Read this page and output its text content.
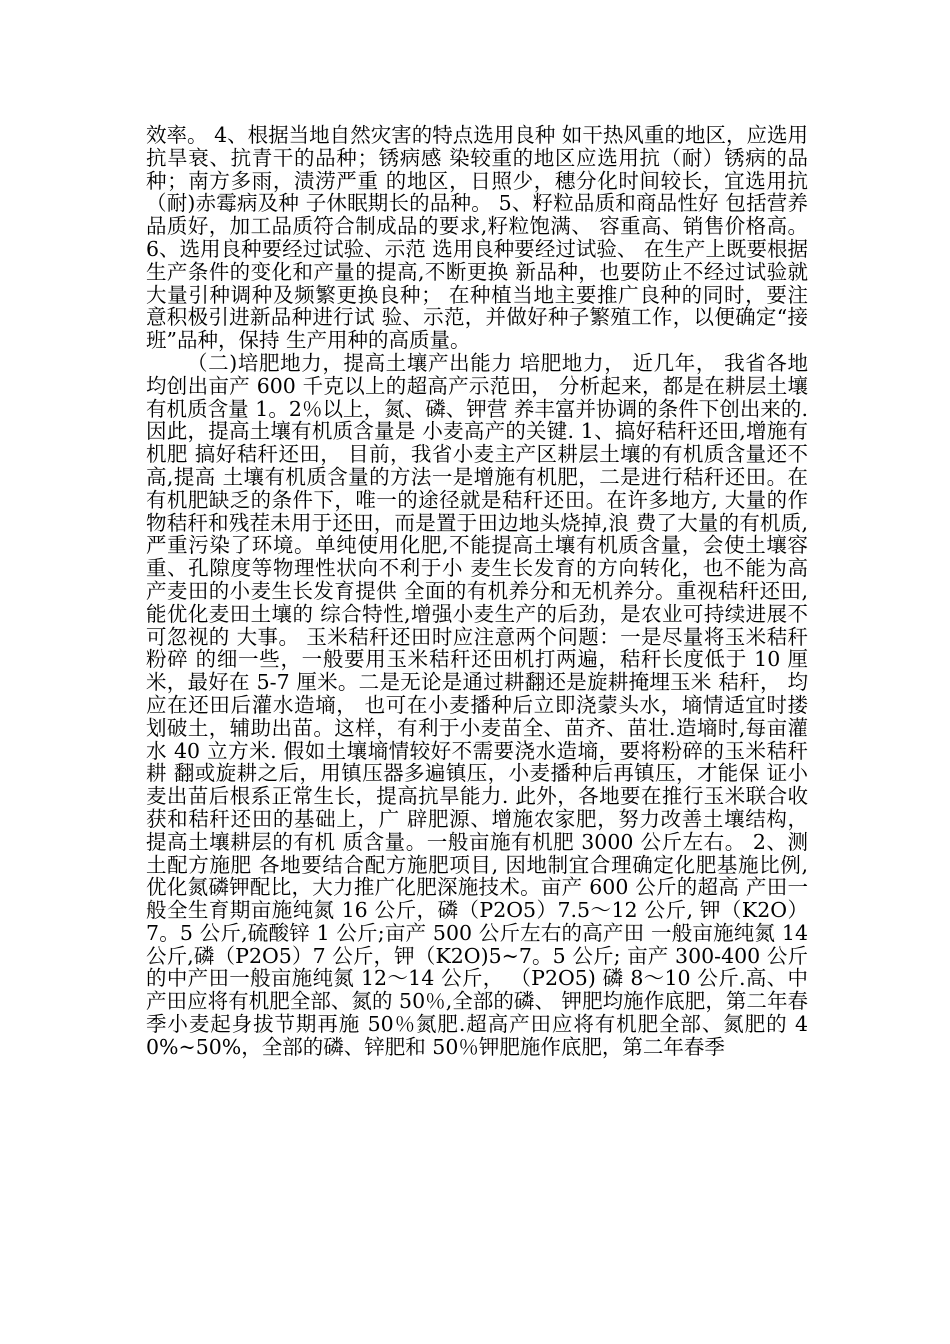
效率。 4、根据当地自然灾害的特点选用良种 如干热风重的地区，应选用抗旱衰、抗青干的品种；锈病感 染较重的地区应选用抗（耐）锈病的品种；南方多雨，渍涝严重 的地区，日照少，穗分化时间较长，宜选用抗（耐)赤霉病及种 子休眠期长的品种。 5、籽粒品质和商品性好 包括营养品质好，加工品质符合制成品的要求,籽粒饱满、 容重高、销售价格高。 6、选用良种要经过试验、示范 选用良种要经过试验、 在生产上既要根据生产条件的变化和产量的提高,不断更换 新品种，也要防止不经过试验就大量引种调种及频繁更换良种； 在种植当地主要推广良种的同时，要注意积极引进新品种进行试 验、示范，并做好种子繁殖工作，以便确定“接班”品种，保持 生产用种的高质量。

（二)培肥地力，提高土壤产出能力 培肥地力， 近几年， 我省各地均创出亩产 600 千克以上的超高产示范田， 分析起来，都是在耕层土壤有机质含量 1。2％以上，氮、磷、钾营 养丰富并协调的条件下创出来的.因此，提高土壤有机质含量是 小麦高产的关键. 1、搞好秸秆还田,增施有机肥 搞好秸秆还田， 目前，我省小麦主产区耕层土壤的有机质含量还不高,提高 土壤有机质含量的方法一是增施有机肥，二是进行秸秆还田。在 有机肥缺乏的条件下，唯一的途径就是秸秆还田。在许多地方, 大量的作物秸秆和残茬未用于还田，而是置于田边地头烧掉,浪 费了大量的有机质,严重污染了环境。单纯使用化肥,不能提高土壤有机质含量，会使土壤容重、孔隙度等物理性状向不利于小 麦生长发育的方向转化，也不能为高产麦田的小麦生长发育提供 全面的有机养分和无机养分。重视秸秆还田,能优化麦田土壤的 综合特性,增强小麦生产的后劲，是农业可持续进展不可忽视的 大事。 玉米秸秆还田时应注意两个问题：一是尽量将玉米秸秆粉碎 的细一些，一般要用玉米秸秆还田机打两遍，秸秆长度低于 10 厘米，最好在 5-7 厘米。二是无论是通过耕翻还是旋耕掩埋玉米 秸秆， 均应在还田后灌水造墒， 也可在小麦播种后立即浇蒙头水，墒情适宜时搂划破土，辅助出苗。这样，有利于小麦苗全、苗齐、苗壮.造墒时,每亩灌水 40 立方米. 假如土壤墒情较好不需要浇水造墒，要将粉碎的玉米秸秆耕 翻或旋耕之后，用镇压器多遍镇压，小麦播种后再镇压，才能保 证小麦出苗后根系正常生长，提高抗旱能力. 此外，各地要在推行玉米联合收获和秸秆还田的基础上，广 辟肥源、增施农家肥，努力改善土壤结构，提高土壤耕层的有机 质含量。一般亩施有机肥 3000 公斤左右。 2、测土配方施肥 各地要结合配方施肥项目, 因地制宜合理确定化肥基施比例, 优化氮磷钾配比，大力推广化肥深施技术。亩产 600 公斤的超高 产田一般全生育期亩施纯氮 16 公斤，磷（P2O5）7.5～12 公斤, 钾（K2O）7。5 公斤,硫酸锌 1 公斤;亩产 500 公斤左右的高产田 一般亩施纯氮 14 公斤,磷（P2O5）7 公斤，钾（K2O)5~7。5 公斤; 亩产 300-400 公斤的中产田一般亩施纯氮 12～14 公斤， （P2O5) 磷 8～10 公斤.高、中产田应将有机肥全部、氮的 50％,全部的磷、 钾肥均施作底肥，第二年春季小麦起身拔节期再施 50％氮肥.超高产田应将有机肥全部、氮肥的 40%~50%，全部的磷、锌肥和 50％钾肥施作底肥，第二年春季
